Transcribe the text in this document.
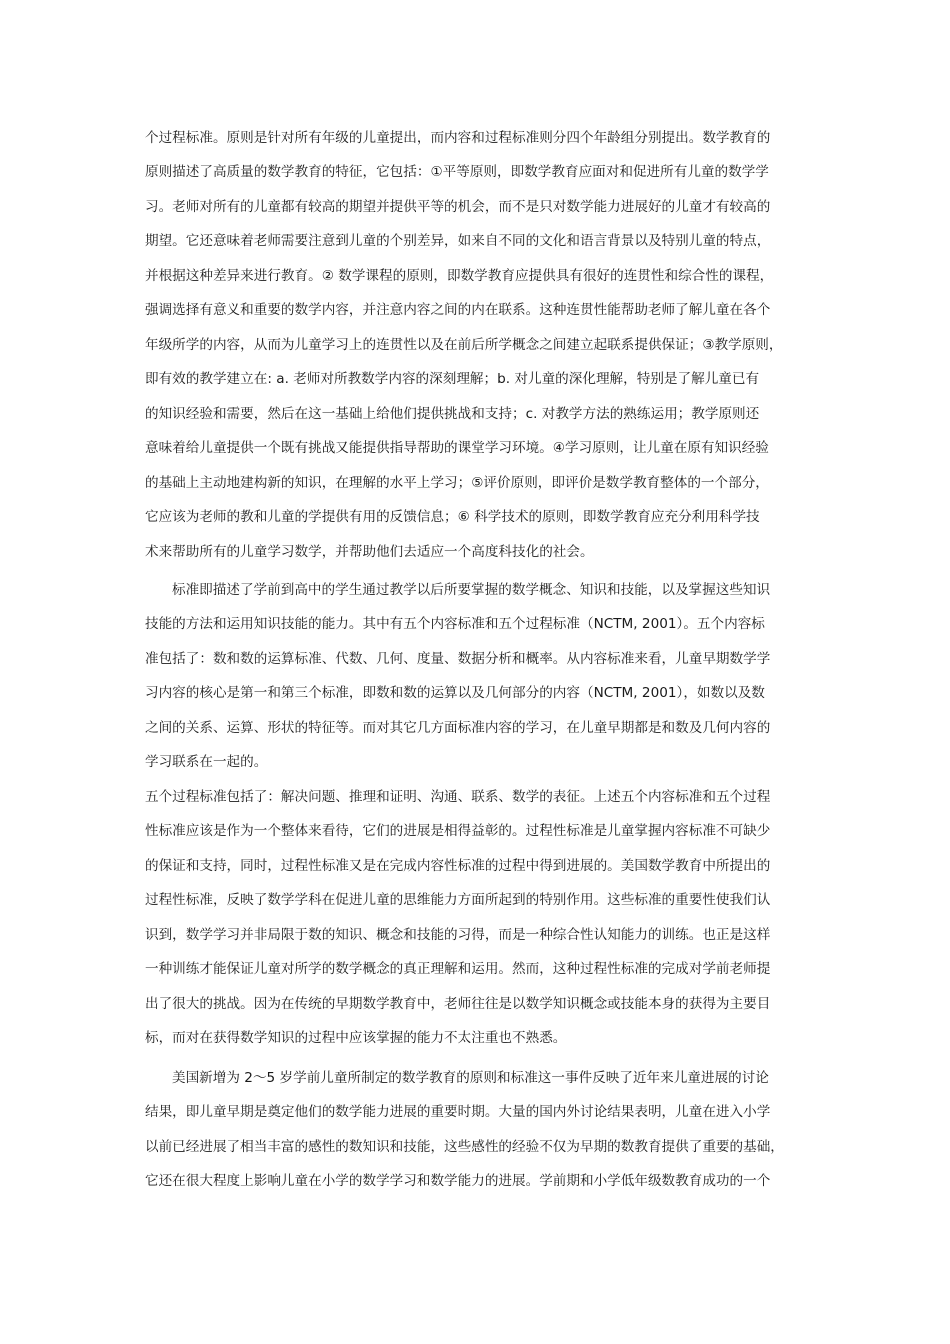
个过程标准。原则是针对所有年级的儿童提出，而内容和过程标准则分四个年龄组分别提出。数学教育的
原则描述了高质量的数学教育的特征，它包括：①平等原则，即数学教育应面对和促进所有儿童的数学学
习。老师对所有的儿童都有较高的期望并提供平等的机会，而不是只对数学能力进展好的儿童才有较高的
期望。它还意味着老师需要注意到儿童的个别差异，如来自不同的文化和语言背景以及特别儿童的特点，
并根据这种差异来进行教育。② 数学课程的原则，即数学教育应提供具有很好的连贯性和综合性的课程，
强调选择有意义和重要的数学内容，并注意内容之间的内在联系。这种连贯性能帮助老师了解儿童在各个
年级所学的内容，从而为儿童学习上的连贯性以及在前后所学概念之间建立起联系提供保证；③教学原则，
即有效的教学建立在: a. 老师对所教数学内容的深刻理解；b. 对儿童的深化理解，特别是了解儿童已有
的知识经验和需要，然后在这一基础上给他们提供挑战和支持；c. 对教学方法的熟练运用；教学原则还
意味着给儿童提供一个既有挑战又能提供指导帮助的课堂学习环境。④学习原则，让儿童在原有知识经验
的基础上主动地建构新的知识，在理解的水平上学习；⑤评价原则，即评价是数学教育整体的一个部分，
它应该为老师的教和儿童的学提供有用的反馈信息；⑥ 科学技术的原则，即数学教育应充分利用科学技
术来帮助所有的儿童学习数学，并帮助他们去适应一个高度科技化的社会。
标准即描述了学前到高中的学生通过教学以后所要掌握的数学概念、知识和技能，以及掌握这些知识
技能的方法和运用知识技能的能力。其中有五个内容标准和五个过程标准（NCTM, 2001）。五个内容标
准包括了：数和数的运算标准、代数、几何、度量、数据分析和概率。从内容标准来看，儿童早期数学学
习内容的核心是第一和第三个标准，即数和数的运算以及几何部分的内容（NCTM, 2001），如数以及数
之间的关系、运算、形状的特征等。而对其它几方面标准内容的学习，在儿童早期都是和数及几何内容的
学习联系在一起的。
五个过程标准包括了：解决问题、推理和证明、沟通、联系、数学的表征。上述五个内容标准和五个过程
性标准应该是作为一个整体来看待，它们的进展是相得益彰的。过程性标准是儿童掌握内容标准不可缺少
的保证和支持，同时，过程性标准又是在完成内容性标准的过程中得到进展的。美国数学教育中所提出的
过程性标准，反映了数学学科在促进儿童的思维能力方面所起到的特别作用。这些标准的重要性使我们认
识到，数学学习并非局限于数的知识、概念和技能的习得，而是一种综合性认知能力的训练。也正是这样
一种训练才能保证儿童对所学的数学概念的真正理解和运用。然而，这种过程性标准的完成对学前老师提
出了很大的挑战。因为在传统的早期数学教育中，老师往往是以数学知识概念或技能本身的获得为主要目
标，而对在获得数学知识的过程中应该掌握的能力不太注重也不熟悉。
美国新增为 2～5 岁学前儿童所制定的数学教育的原则和标准这一事件反映了近年来儿童进展的讨论
结果，即儿童早期是奠定他们的数学能力进展的重要时期。大量的国内外讨论结果表明，儿童在进入小学
以前已经进展了相当丰富的感性的数知识和技能，这些感性的经验不仅为早期的数教育提供了重要的基础，
它还在很大程度上影响儿童在小学的数学学习和数学能力的进展。学前期和小学低年级数教育成功的一个
